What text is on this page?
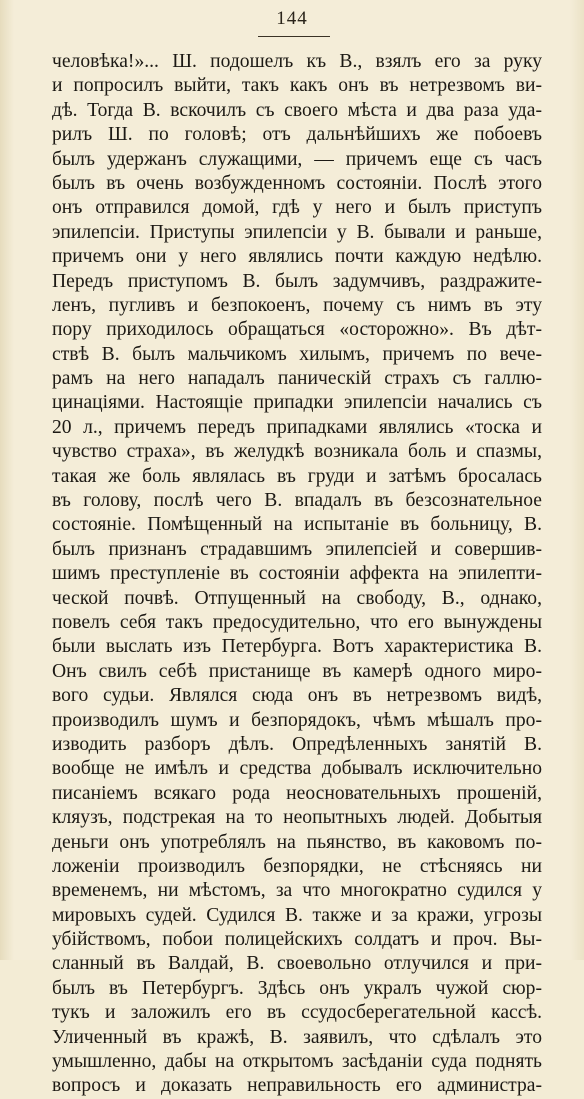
144
человѣка!»... Ш. подошелъ къ В., взялъ его за руку
и попросилъ выйти, такъ какъ онъ въ нетрезвомъ ви-
дѣ. Тогда В. вскочилъ съ своего мѣста и два раза уда-
рилъ Ш. по головѣ; отъ дальнѣйшихъ же побоевъ
былъ удержанъ служащими, — причемъ еще съ часъ
былъ въ очень возбужденномъ состояніи. Послѣ этого
онъ отправился домой, гдѣ у него и былъ приступъ
эпилепсіи. Приступы эпилепсіи у В. бывали и раньше,
причемъ они у него являлись почти каждую недѣлю.
Передъ приступомъ В. былъ задумчивъ, раздражите-
ленъ, пугливъ и безпокоенъ, почему съ нимъ въ эту
пору приходилось обращаться «осторожно». Въ дѣт-
ствѣ В. былъ мальчикомъ хилымъ, причемъ по вече-
рамъ на него нападалъ паническій страхъ съ галлю-
цинаціями. Настоящіе припадки эпилепсіи начались съ
20 л., причемъ передъ припадками являлись «тоска и
чувство страха», въ желудкѣ возникала боль и спазмы,
такая же боль являлась въ груди и затѣмъ бросалась
въ голову, послѣ чего В. впадалъ въ безсознательное
состояніе. Помѣщенный на испытаніе въ больницу, В.
былъ признанъ страдавшимъ эпилепсіей и совершив-
шимъ преступленіе въ состояніи аффекта на эпилепти-
ческой почвѣ. Отпущенный на свободу, В., однако,
повелъ себя такъ предосудительно, что его вынуждены
были выслать изъ Петербурга. Вотъ характеристика В.
Онъ свилъ себѣ пристанище въ камерѣ одного миро-
вого судьи. Являлся сюда онъ въ нетрезвомъ видѣ,
производилъ шумъ и безпорядокъ, чѣмъ мѣшалъ про-
изводить разборъ дѣлъ. Опредѣленныхъ занятій В.
вообще не имѣлъ и средства добывалъ исключительно
писаніемъ всякаго рода неосновательныхъ прошеній,
кляузъ, подстрекая на то неопытныхъ людей. Добытыя
деньги онъ употреблялъ на пьянство, въ каковомъ по-
ложеніи производилъ безпорядки, не стѣсняясь ни
временемъ, ни мѣстомъ, за что многократно судился у
мировыхъ судей. Судился В. также и за кражи, угрозы
убійствомъ, побои полицейскихъ солдатъ и проч. Вы-
сланный въ Валдай, В. своевольно отлучился и при-
былъ въ Петербургъ. Здѣсь онъ укралъ чужой сюр-
тукъ и заложилъ его въ ссудосберегательной кассѣ.
Уличенный въ кражѣ, В. заявилъ, что сдѣлалъ это
умышленно, дабы на открытомъ засѣданіи суда поднять
вопросъ и доказать неправильность его администра-
